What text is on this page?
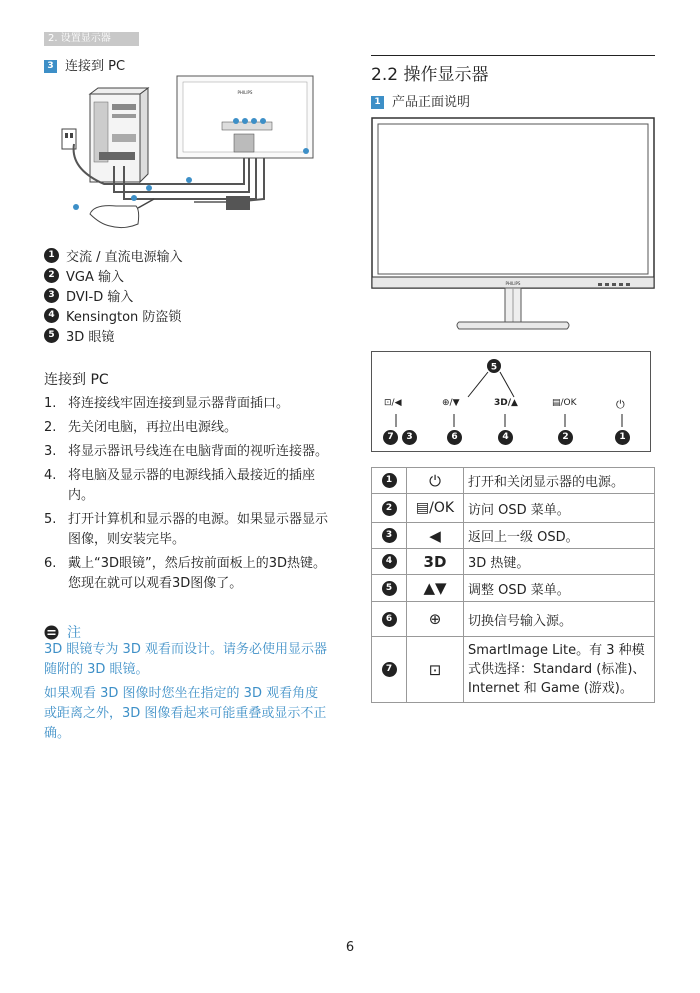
2. 设置显示器
3 连接到 PC
PHILIPS
1 交流 / 直流电源输入
2 VGA 输入
3 DVI-D 输入
4 Kensington 防盗锁
5 3D 眼镜
连接到 PC
1. 将连接线牢固连接到显示器背面插口。
2. 先关闭电脑，再拉出电源线。
3. 将显示器讯号线连在电脑背面的视听连接器。
4. 将电脑及显示器的电源线插入最接近的插座内。
5. 打开计算机和显示器的电源。如果显示器显示图像，则安装完毕。
6. 戴上“3D眼镜”，然后按前面板上的3D热键。您现在就可以观看3D图像了。
注
3D 眼镜专为 3D 观看而设计。请务必使用显示器随附的 3D 眼镜。
如果观看 3D 图像时您坐在指定的 3D 观看角度或距离之外，3D 图像看起来可能重叠或显示不正确。
2.2 操作显示器
1 产品正面说明
PHILIPS
5
⊡/◀	⊕/▼	3D/▲	▤/OK	⏻
7	3	6	4	2	1
1	⏻	打开和关闭显示器的电源。
2	▤/OK	访问 OSD 菜单。
3	◀	返回上一级 OSD。
4	3D	3D 热键。
5	▲▼	调整 OSD 菜单。
6	⊕	切换信号输入源。
7	⊡	SmartImage Lite。有 3 种模式供选择：Standard (标准)、Internet 和 Game (游戏)。
6
